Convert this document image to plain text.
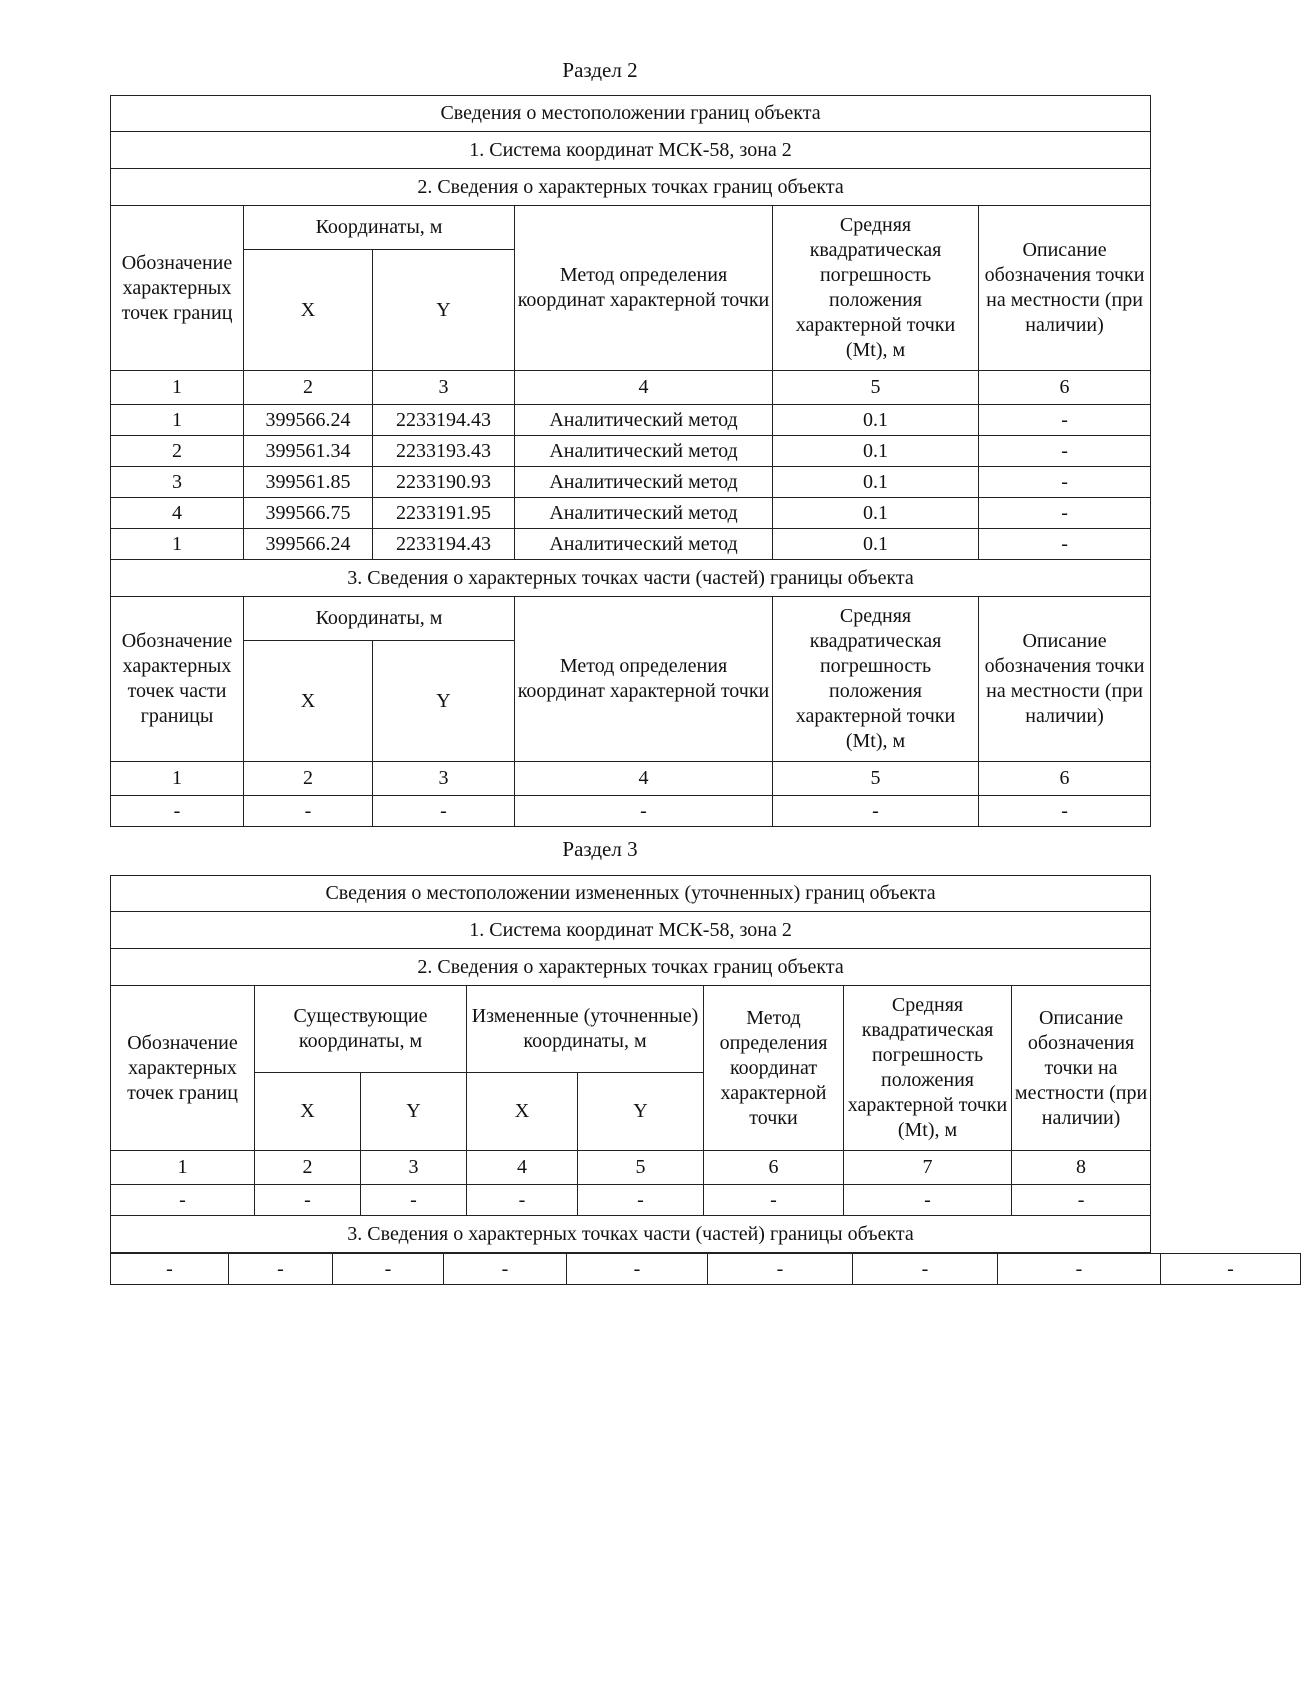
Раздел 2
Сведения о местоположении границ объекта					
1. Система координат МСК-58, зона 2					
2. Сведения о характерных точках границ объекта					
Обозначение характерных точек границ	Координаты, м		Метод определения координат характерной точки	Средняя квадратическая погрешность положения характерной точки (Mt), м	Описание обозначения точки на местности (при наличии)
	X	Y			
1	2	3	4	5	6
1	399566.24	2233194.43	Аналитический метод	0.1	-
2	399561.34	2233193.43	Аналитический метод	0.1	-
3	399561.85	2233190.93	Аналитический метод	0.1	-
4	399566.75	2233191.95	Аналитический метод	0.1	-
1	399566.24	2233194.43	Аналитический метод	0.1	-
3. Сведения о характерных точках части (частей) границы объекта					
Обозначение характерных точек части границы	Координаты, м		Метод определения координат характерной точки	Средняя квадратическая погрешность положения характерной точки (Mt), м	Описание обозначения точки на местности (при наличии)
	X	Y			
1	2	3	4	5	6
-	-	-	-	-	-
Раздел 3
Сведения о местоположении измененных (уточненных) границ объекта							
1. Система координат МСК-58, зона 2							
2. Сведения о характерных точках границ объекта							
Обозначение характерных точек границ	Существующие координаты, м		Измененные (уточненные) координаты, м		Метод определения координат характерной точки	Средняя квадратическая погрешность положения характерной точки (Mt), м	Описание обозначения точки на местности (при наличии)
	X	Y	X	Y			
1	2	3	4	5	6	7	8
-	-	-	-	-	-	-	-
3. Сведения о характерных точках части (частей) границы объекта							
-	-	-	-	-	-	-	-	-
